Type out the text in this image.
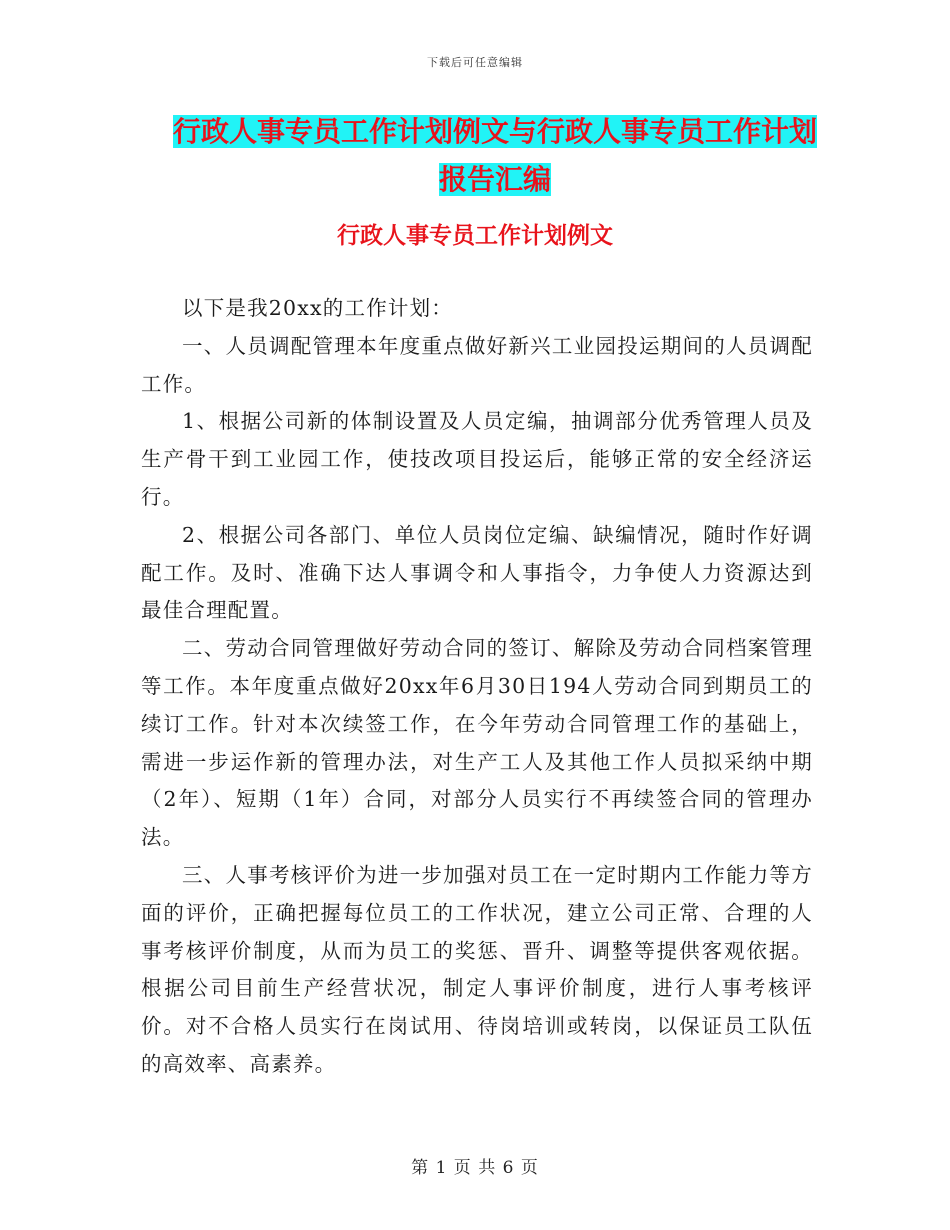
下载后可任意编辑
行政人事专员工作计划例文与行政人事专员工作计划
报告汇编
行政人事专员工作计划例文

以下是我20xx的工作计划：

一、人员调配管理本年度重点做好新兴工业园投运期间的人员调配工作。

1、根据公司新的体制设置及人员定编，抽调部分优秀管理人员及生产骨干到工业园工作，使技改项目投运后，能够正常的安全经济运行。

2、根据公司各部门、单位人员岗位定编、缺编情况，随时作好调配工作。及时、准确下达人事调令和人事指令，力争使人力资源达到最佳合理配置。

二、劳动合同管理做好劳动合同的签订、解除及劳动合同档案管理等工作。本年度重点做好20xx年6月30日194人劳动合同到期员工的续订工作。针对本次续签工作，在今年劳动合同管理工作的基础上，需进一步运作新的管理办法，对生产工人及其他工作人员拟采纳中期（2年）、短期（1年）合同，对部分人员实行不再续签合同的管理办法。

三、人事考核评价为进一步加强对员工在一定时期内工作能力等方面的评价，正确把握每位员工的工作状况，建立公司正常、合理的人事考核评价制度，从而为员工的奖惩、晋升、调整等提供客观依据。根据公司目前生产经营状况，制定人事评价制度，进行人事考核评价。对不合格人员实行在岗试用、待岗培训或转岗，以保证员工队伍的高效率、高素养。

第 1 页 共 6 页
